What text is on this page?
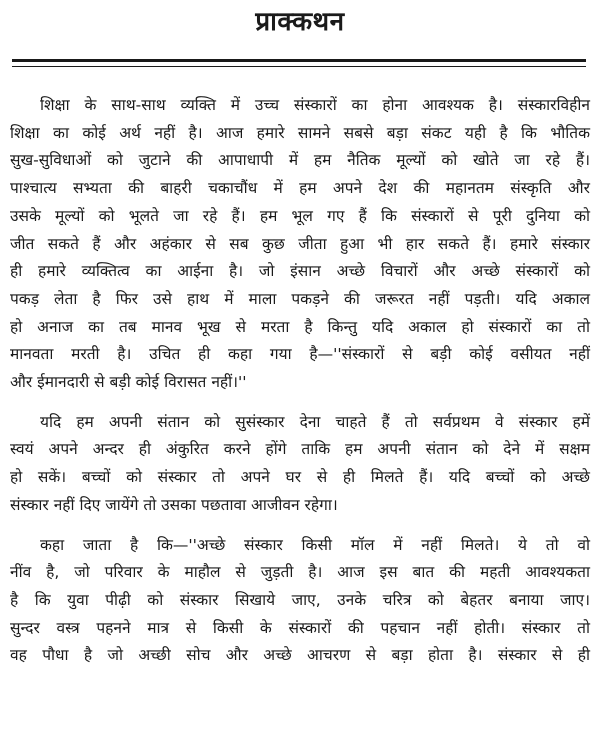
प्राक्कथन

शिक्षा के साथ-साथ व्यक्ति में उच्च संस्कारों का होना आवश्यक है। संस्कारविहीन
शिक्षा का कोई अर्थ नहीं है। आज हमारे सामने सबसे बड़ा संकट यही है कि भौतिक
सुख-सुविधाओं को जुटाने की आपाधापी में हम नैतिक मूल्यों को खोते जा रहे हैं।
पाश्चात्य सभ्यता की बाहरी चकाचौंध में हम अपने देश की महानतम संस्कृति और
उसके मूल्यों को भूलते जा रहे हैं। हम भूल गए हैं कि संस्कारों से पूरी दुनिया को
जीत सकते हैं और अहंकार से सब कुछ जीता हुआ भी हार सकते हैं। हमारे संस्कार
ही हमारे व्यक्तित्व का आईना है। जो इंसान अच्छे विचारों और अच्छे संस्कारों को
पकड़ लेता है फिर उसे हाथ में माला पकड़ने की जरूरत नहीं पड़ती। यदि अकाल
हो अनाज का तब मानव भूख से मरता है किन्तु यदि अकाल हो संस्कारों का तो
मानवता मरती है। उचित ही कहा गया है—''संस्कारों से बड़ी कोई वसीयत नहीं
और ईमानदारी से बड़ी कोई विरासत नहीं।''

यदि हम अपनी संतान को सुसंस्कार देना चाहते हैं तो सर्वप्रथम वे संस्कार हमें
स्वयं अपने अन्दर ही अंकुरित करने होंगे ताकि हम अपनी संतान को देने में सक्षम
हो सकें। बच्चों को संस्कार तो अपने घर से ही मिलते हैं। यदि बच्चों को अच्छे
संस्कार नहीं दिए जायेंगे तो उसका पछतावा आजीवन रहेगा।

कहा जाता है कि—''अच्छे संस्कार किसी मॉल में नहीं मिलते। ये तो वो
नींव है, जो परिवार के माहौल से जुड़ती है। आज इस बात की महती आवश्यकता
है कि युवा पीढ़ी को संस्कार सिखाये जाए, उनके चरित्र को बेहतर बनाया जाए।
सुन्दर वस्त्र पहनने मात्र से किसी के संस्कारों की पहचान नहीं होती। संस्कार तो
वह पौधा है जो अच्छी सोच और अच्छे आचरण से बड़ा होता है। संस्कार से ही
